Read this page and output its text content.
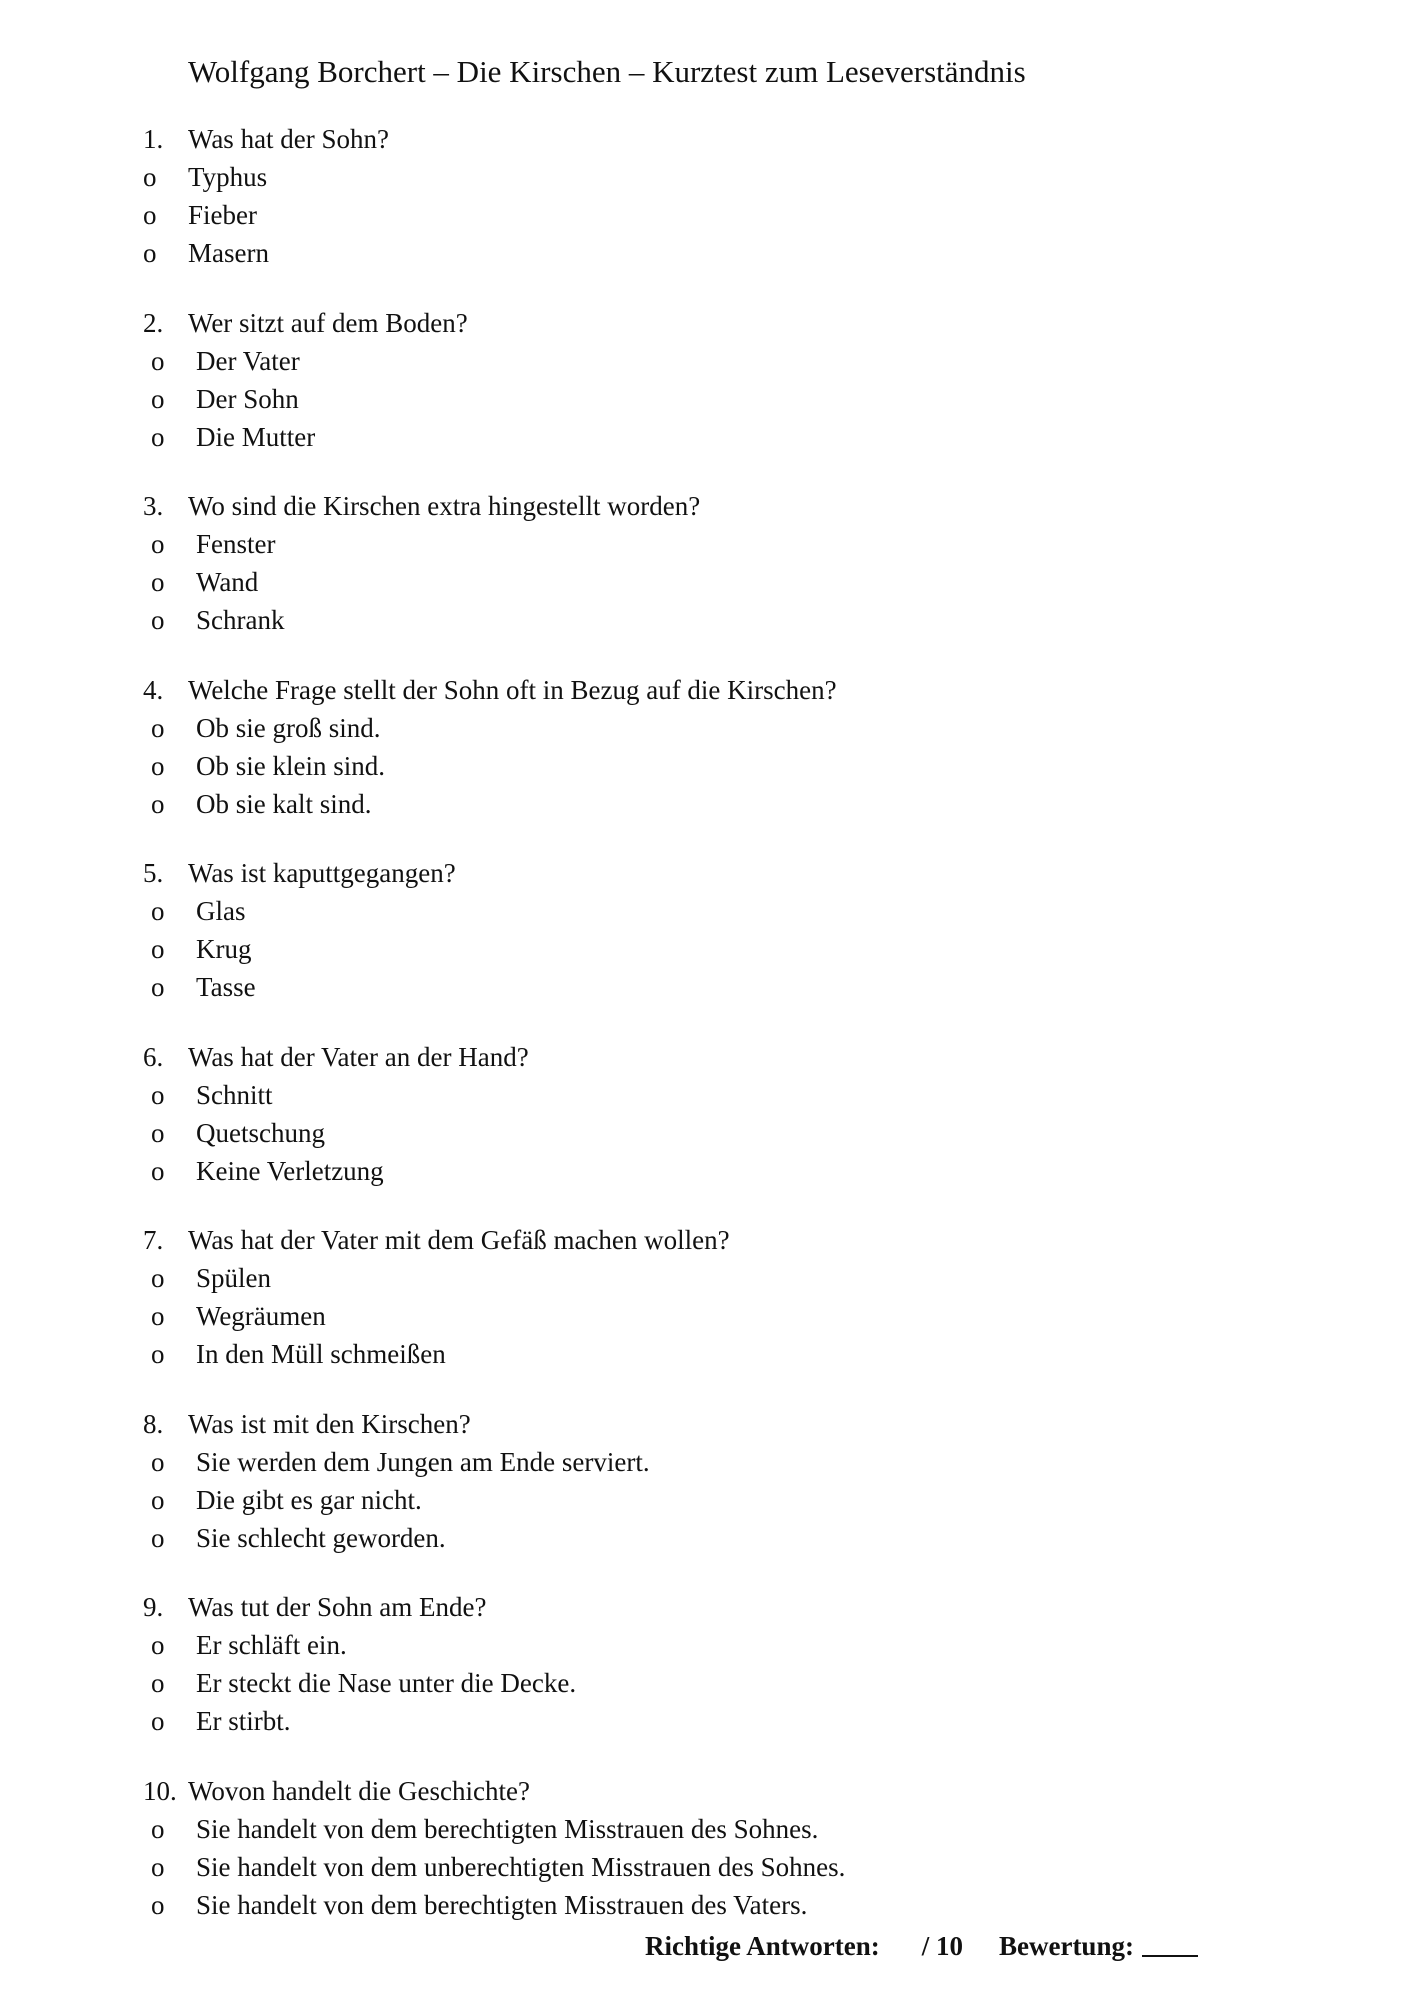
Wolfgang Borchert – Die Kirschen – Kurztest zum Leseverständnis
1. Was hat der Sohn?
o	Typhus
o	Fieber
o	Masern
2. Wer sitzt auf dem Boden?
o	Der Vater
o	Der Sohn
o	Die Mutter
3. Wo sind die Kirschen extra hingestellt worden?
o	Fenster
o	Wand
o	Schrank
4. Welche Frage stellt der Sohn oft in Bezug auf die Kirschen?
o	Ob sie groß sind.
o	Ob sie klein sind.
o	Ob sie kalt sind.
5. Was ist kaputtgegangen?
o	Glas
o	Krug
o	Tasse
6. Was hat der Vater an der Hand?
o	Schnitt
o	Quetschung
o	Keine Verletzung
7. Was hat der Vater mit dem Gefäß machen wollen?
o	Spülen
o	Wegräumen
o	In den Müll schmeißen
8. Was ist mit den Kirschen?
o	Sie werden dem Jungen am Ende serviert.
o	Die gibt es gar nicht.
o	Sie schlecht geworden.
9. Was tut der Sohn am Ende?
o	Er schläft ein.
o	Er steckt die Nase unter die Decke.
o	Er stirbt.
10. Wovon handelt die Geschichte?
o	Sie handelt von dem berechtigten Misstrauen des Sohnes.
o	Sie handelt von dem unberechtigten Misstrauen des Sohnes.
o	Sie handelt von dem berechtigten Misstrauen des Vaters.
Richtige Antworten: / 10 Bewertung:
